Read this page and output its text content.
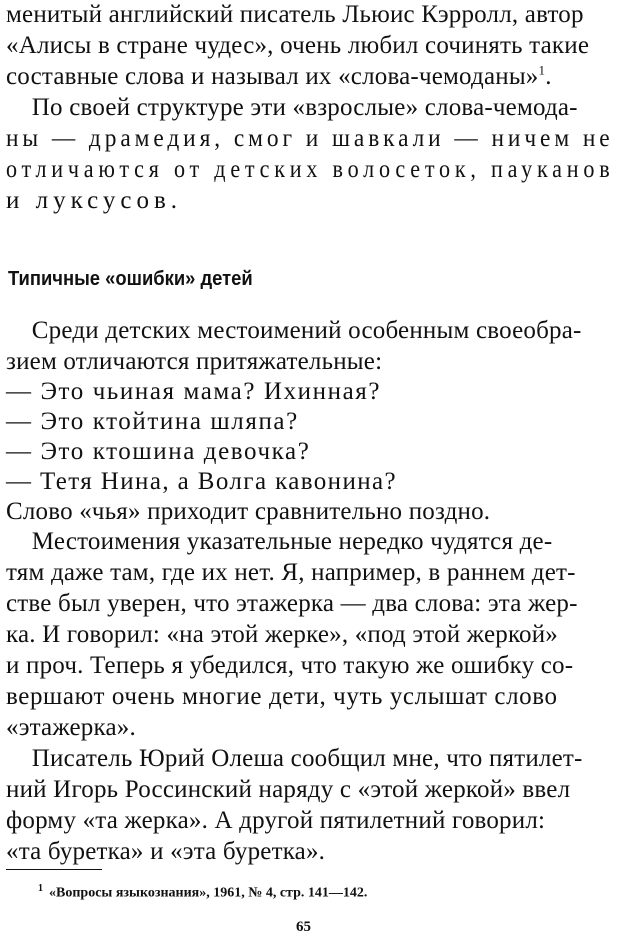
менитый английский писатель Льюис Кэрролл, автор
«Алисы в стране чудес», очень любил сочинять такие
составные слова и называл их «слова-чемоданы»$^1$.
По своей структуре эти «взрослые» слова-чемода-
ны — драмедия, смог и шавкали — ничем не
отличаются от детских волосеток, пауканов
и луксусов.
Типичные «ошибки» детей
Среди детских местоимений особенным своеобра-
зием отличаются притяжательные:
— Это чьиная мама? Ихинная?
— Это ктойтина шляпа?
— Это ктошина девочка?
— Тетя Нина, а Волга кавонина?
Слово «чья» приходит сравнительно поздно.
Местоимения указательные нередко чудятся де-
тям даже там, где их нет. Я, например, в раннем дет-
стве был уверен, что этажерка — два слова: эта жер-
ка. И говорил: «на этой жерке», «под этой жеркой»
и проч. Теперь я убедился, что такую же ошибку со-
вершают очень многие дети, чуть услышат слово
«этажерка».
Писатель Юрий Олеша сообщил мне, что пятилет-
ний Игорь Россинский наряду с «этой жеркой» ввел
форму «та жерка». А другой пятилетний говорил:
«та буретка» и «эта буретка».
$^1$ «Вопросы языкознания», 1961, № 4, стр. 141—142.
65
